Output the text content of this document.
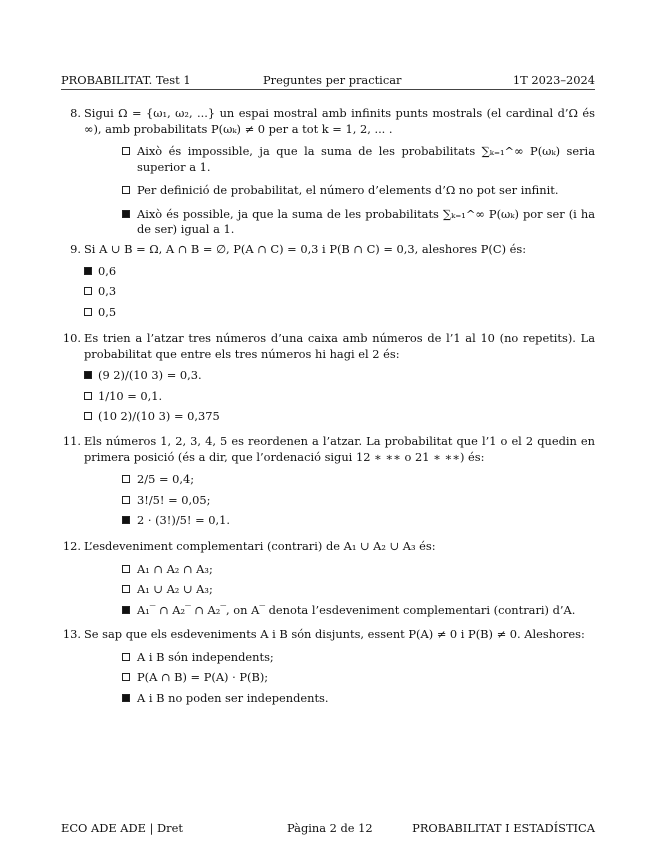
PROBABILITAT. Test 1	Preguntes per practicar	1T 2023–2024
8. Sigui Ω = {ω₁, ω₂, ...} un espai mostral amb infinits punts mostrals (el cardinal d’Ω és ∞), amb probabilitats P(ωₖ) ≠ 0 per a tot k = 1, 2, ... .
Això és impossible, ja que la suma de les probabilitats ∑ₖ₌₁^∞ P(ωₖ) seria superior a 1.
Per definició de probabilitat, el número d’elements d’Ω no pot ser infinit.
Això és possible, ja que la suma de les probabilitats ∑ₖ₌₁^∞ P(ωₖ) por ser (i ha de ser) igual a 1.
9. Si A ∪ B = Ω, A ∩ B = ∅, P(A ∩ C) = 0,3 i P(B ∩ C) = 0,3, aleshores P(C) és:
0,6
0,3
0,5
10. Es trien a l’atzar tres números d’una caixa amb números de l’1 al 10 (no repetits). La probabilitat que entre els tres números hi hagi el 2 és:
(9 2)/(10 3) = 0,3.
1/10 = 0,1.
(10 2)/(10 3) = 0,375
11. Els números 1, 2, 3, 4, 5 es reordenen a l’atzar. La probabilitat que l’1 o el 2 quedin en primera posició (és a dir, que l’ordenació sigui 12 ∗ ∗∗ o 21 ∗ ∗∗) és:
2/5 = 0,4;
3!/5! = 0,05;
2 · (3!)/5! = 0,1.
12. L’esdeveniment complementari (contrari) de A₁ ∪ A₂ ∪ A₃ és:
A₁ ∩ A₂ ∩ A₃;
A₁ ∪ A₂ ∪ A₃;
A₁‾ ∩ A₂‾ ∩ A₂‾, on A‾ denota l’esdeveniment complementari (contrari) d’A.
13. Se sap que els esdeveniments A i B són disjunts, essent P(A) ≠ 0 i P(B) ≠ 0. Aleshores:
A i B són independents;
P(A ∩ B) = P(A) · P(B);
A i B no poden ser independents.
ECO ADE ADE | Dret	Pàgina 2 de 12	PROBABILITAT I ESTADÍSTICA
